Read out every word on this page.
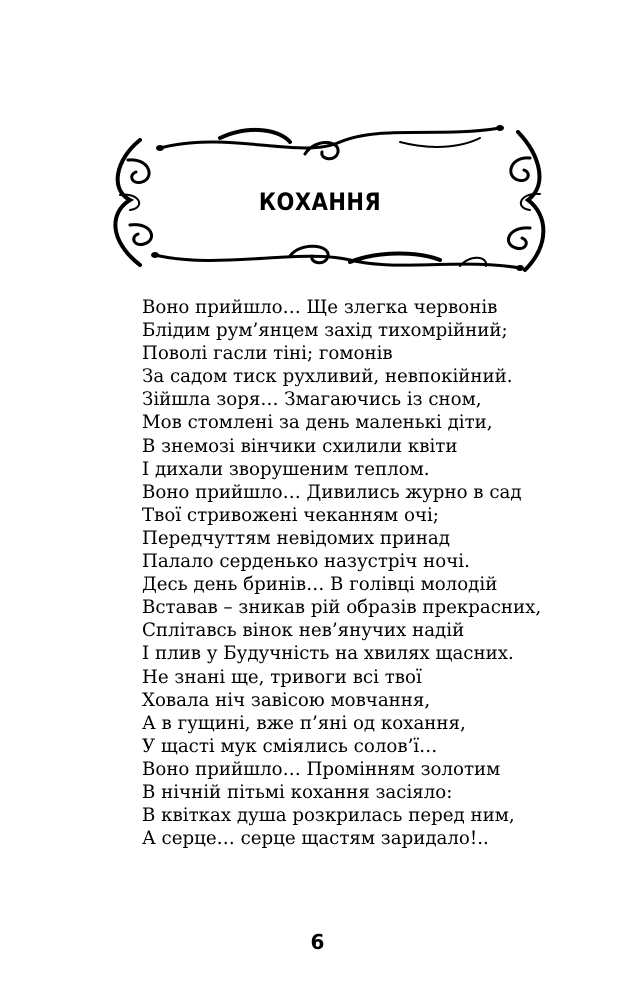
КОХАННЯ
Воно прийшло… Ще злегка червонів
Блідим рум’янцем захід тихомрійний;
Поволі гасли тіні; гомонів
За садом тиск рухливий, невпокійний.
Зійшла зоря… Змагаючись із сном,
Мов стомлені за день маленькі діти,
В знемозі вінчики схилили квіти
І дихали зворушеним теплом.
Воно прийшло… Дивились журно в сад
Твої стривожені чеканням очі;
Передчуттям невідомих принад
Палало серденько назустріч ночі.
Десь день бринів… В голівці молодій
Вставав – зникав рій образів прекрасних,
Сплітавсь вінок нев’янучих надій
І плив у Будучність на хвилях щасних.
Не знані ще, тривоги всі твої
Ховала ніч завісою мовчання,
А в гущині, вже п’яні од кохання,
У щасті мук сміялись солов’ї…
Воно прийшло… Промінням золотим
В нічній пітьмі кохання засіяло:
В квітках душа розкрилась перед ним,
А серце… серце щастям заридало!..
6
